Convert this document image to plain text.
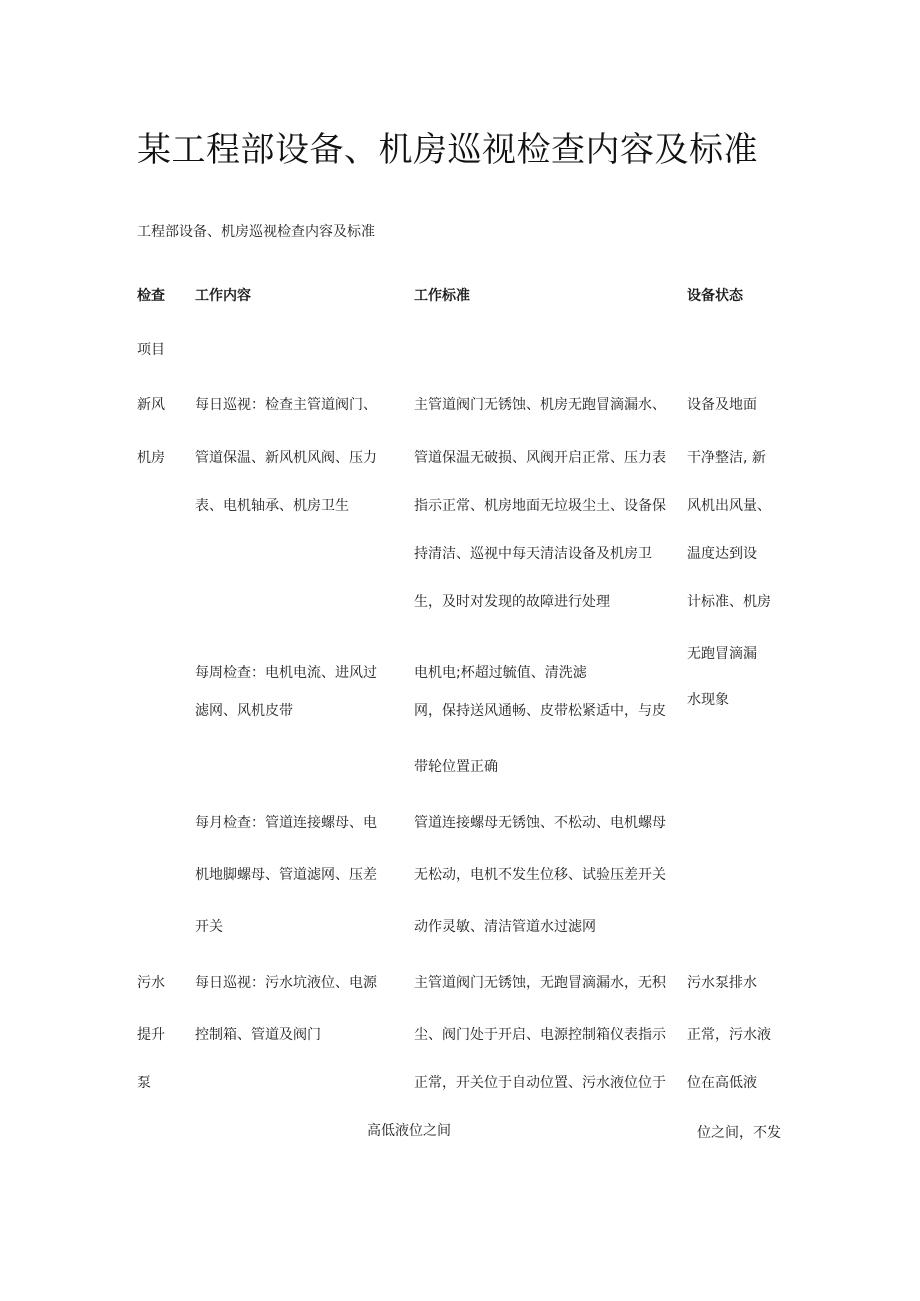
某工程部设备、机房巡视检查内容及标准
工程部设备、机房巡视检查内容及标准
检查 工作内容	工作标准	设备状态
项目
新风
机房
每日巡视：检查主管道阀门、
管道保温、新风机风阀、压力
表、电机轴承、机房卫生
主管道阀门无锈蚀、机房无跑冒滴漏水、
管道保温无破损、风阀开启正常、压力表
指示正常、机房地面无垃圾尘土、设备保
持清洁、巡视中每天清洁设备及机房卫
生，及时对发现的故障进行处理
设备及地面
干净整洁, 新
风机出风量、
温度达到设
计标准、机房
无跑冒滴漏
水现象
每周检查：电机电流、进风过
滤网、风机皮带
电机电;杯超过毓值、清洗滤
网，保持送风通畅、皮带松紧适中，与皮
带轮位置正确
每月检查：管道连接螺母、电
机地脚螺母、管道滤网、压差
开关
管道连接螺母无锈蚀、不松动、电机螺母
无松动，电机不发生位移、试验压差开关
动作灵敏、清洁管道水过滤网
污水
提升
泵
每日巡视：污水坑液位、电源
控制箱、管道及阀门
主管道阀门无锈蚀，无跑冒滴漏水，无积
尘、阀门处于开启、电源控制箱仪表指示
正常，开关位于自动位置、污水液位位于
高低液位之间
污水泵排水
正常，污水液
位在高低液
位之间，不发
